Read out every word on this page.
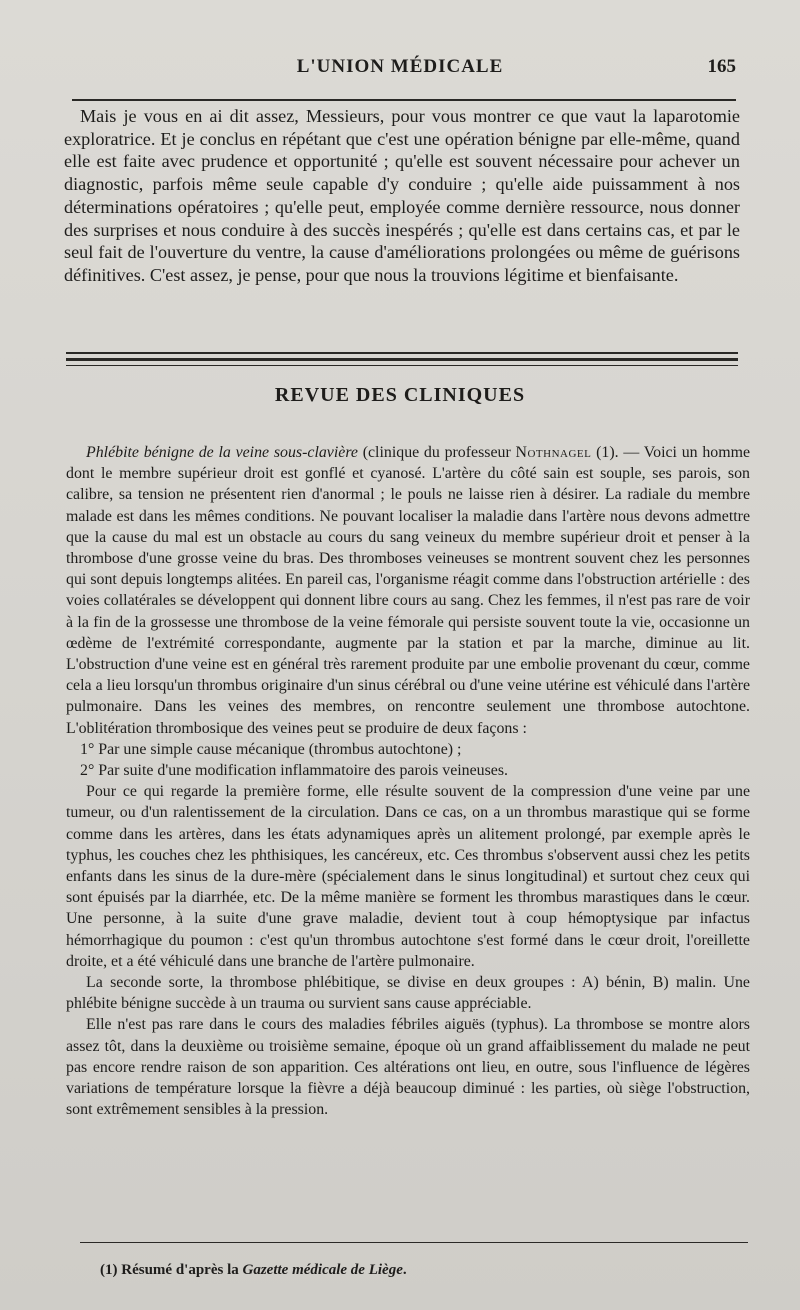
L'UNION MÉDICALE	165

Mais je vous en ai dit assez, Messieurs, pour vous montrer ce que vaut la laparotomie exploratrice. Et je conclus en répétant que c'est une opération bénigne par elle-même, quand elle est faite avec prudence et opportunité ; qu'elle est souvent nécessaire pour achever un diagnostic, parfois même seule capable d'y conduire ; qu'elle aide puissamment à nos déterminations opératoires ; qu'elle peut, employée comme dernière ressource, nous donner des surprises et nous conduire à des succès inespérés ; qu'elle est dans certains cas, et par le seul fait de l'ouverture du ventre, la cause d'améliorations prolongées ou même de guérisons définitives. C'est assez, je pense, pour que nous la trouvions légitime et bienfaisante.

REVUE DES CLINIQUES

Phlébite bénigne de la veine sous-clavière (clinique du professeur Nothnagel (1). — Voici un homme dont le membre supérieur droit est gonflé et cyanosé. L'artère du côté sain est souple, ses parois, son calibre, sa tension ne présentent rien d'anormal ; le pouls ne laisse rien à désirer. La radiale du membre malade est dans les mêmes conditions. Ne pouvant localiser la maladie dans l'artère nous devons admettre que la cause du mal est un obstacle au cours du sang veineux du membre supérieur droit et penser à la thrombose d'une grosse veine du bras. Des thromboses veineuses se montrent souvent chez les personnes qui sont depuis longtemps alitées. En pareil cas, l'organisme réagit comme dans l'obstruction artérielle : des voies collatérales se développent qui donnent libre cours au sang. Chez les femmes, il n'est pas rare de voir à la fin de la grossesse une thrombose de la veine fémorale qui persiste souvent toute la vie, occasionne un œdème de l'extrémité correspondante, augmente par la station et par la marche, diminue au lit. L'obstruction d'une veine est en général très rarement produite par une embolie provenant du cœur, comme cela a lieu lorsqu'un thrombus originaire d'un sinus cérébral ou d'une veine utérine est véhiculé dans l'artère pulmonaire. Dans les veines des membres, on rencontre seulement une thrombose autochtone. L'oblitération thrombosique des veines peut se produire de deux façons :

1° Par une simple cause mécanique (thrombus autochtone) ;

2° Par suite d'une modification inflammatoire des parois veineuses.

Pour ce qui regarde la première forme, elle résulte souvent de la compression d'une veine par une tumeur, ou d'un ralentissement de la circulation. Dans ce cas, on a un thrombus marastique qui se forme comme dans les artères, dans les états adynamiques après un alitement prolongé, par exemple après le typhus, les couches chez les phthisiques, les cancéreux, etc. Ces thrombus s'observent aussi chez les petits enfants dans les sinus de la dure-mère (spécialement dans le sinus longitudinal) et surtout chez ceux qui sont épuisés par la diarrhée, etc. De la même manière se forment les thrombus marastiques dans le cœur. Une personne, à la suite d'une grave maladie, devient tout à coup hémoptysique par infactus hémorrhagique du poumon : c'est qu'un thrombus autochtone s'est formé dans le cœur droit, l'oreillette droite, et a été véhiculé dans une branche de l'artère pulmonaire.

La seconde sorte, la thrombose phlébitique, se divise en deux groupes : A) bénin, B) malin. Une phlébite bénigne succède à un trauma ou survient sans cause appréciable.

Elle n'est pas rare dans le cours des maladies fébriles aiguës (typhus). La thrombose se montre alors assez tôt, dans la deuxième ou troisième semaine, époque où un grand affaiblissement du malade ne peut pas encore rendre raison de son apparition. Ces altérations ont lieu, en outre, sous l'influence de légères variations de température lorsque la fièvre a déjà beaucoup diminué : les parties, où siège l'obstruction, sont extrêmement sensibles à la pression.

(1) Résumé d'après la Gazette médicale de Liège.
